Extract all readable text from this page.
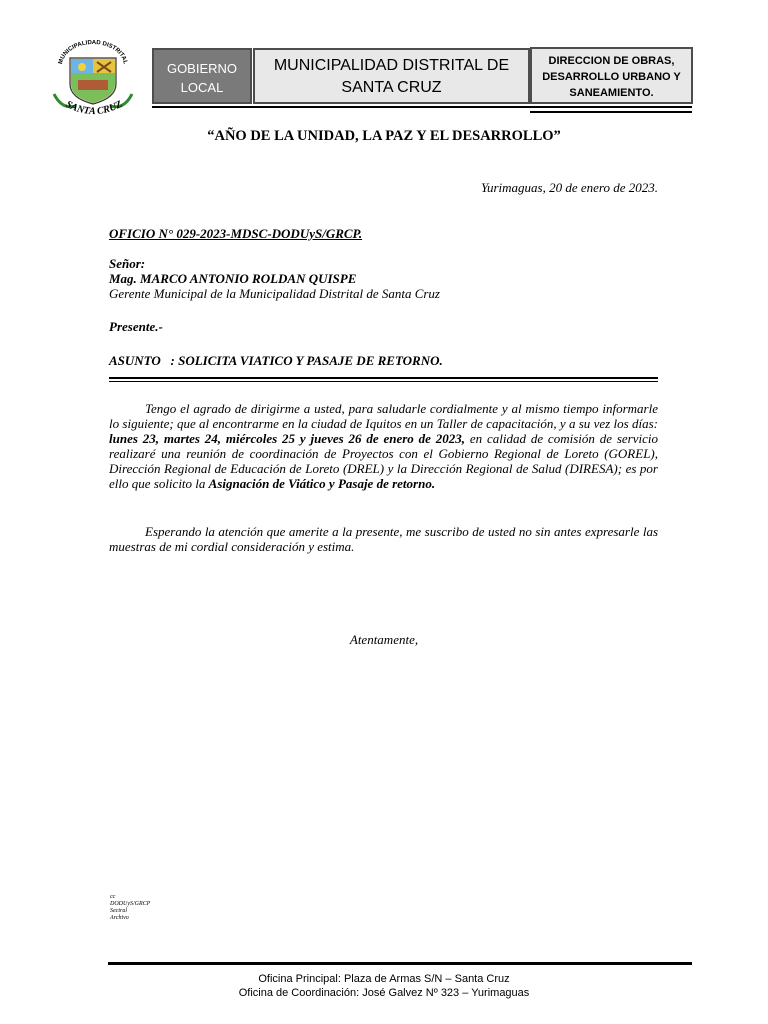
MUNICIPALIDAD DISTRITAL
SANTA CRUZ
GOBIERNO
LOCAL
MUNICIPALIDAD DISTRITAL DE
SANTA CRUZ
DIRECCION DE OBRAS,
DESARROLLO URBANO Y
SANEAMIENTO.
“AÑO DE LA UNIDAD, LA PAZ Y EL DESARROLLO”
Yurimaguas, 20 de enero de 2023.
OFICIO N° 029-2023-MDSC-DODUyS/GRCP.
Señor:
Mag. MARCO ANTONIO ROLDAN QUISPE
Gerente Municipal de la Municipalidad Distrital de Santa Cruz
Presente.-
ASUNTO   : SOLICITA VIATICO Y PASAJE DE RETORNO.
Tengo el agrado de dirigirme a usted, para saludarle cordialmente y al mismo tiempo informarle lo siguiente; que al encontrarme en la ciudad de Iquitos en un Taller de capacitación, y a su vez los días: lunes 23, martes 24, miércoles 25 y jueves 26 de enero de 2023, en calidad de comisión de servicio realizaré una reunión de coordinación de Proyectos con el Gobierno Regional de Loreto (GOREL), Dirección Regional de Educación de Loreto (DREL) y la Dirección Regional de Salud (DIRESA); es por ello que solicito la Asignación de Viático y Pasaje de retorno.
Esperando la atención que amerite a la presente, me suscribo de usted no sin antes expresarle las muestras de mi cordial consideración y estima.
Atentamente,
cc
DODUyS/GRCP
Sectral
Archivo
Oficina Principal: Plaza de Armas S/N – Santa Cruz
Oficina de Coordinación: José Galvez Nº 323 – Yurimaguas
